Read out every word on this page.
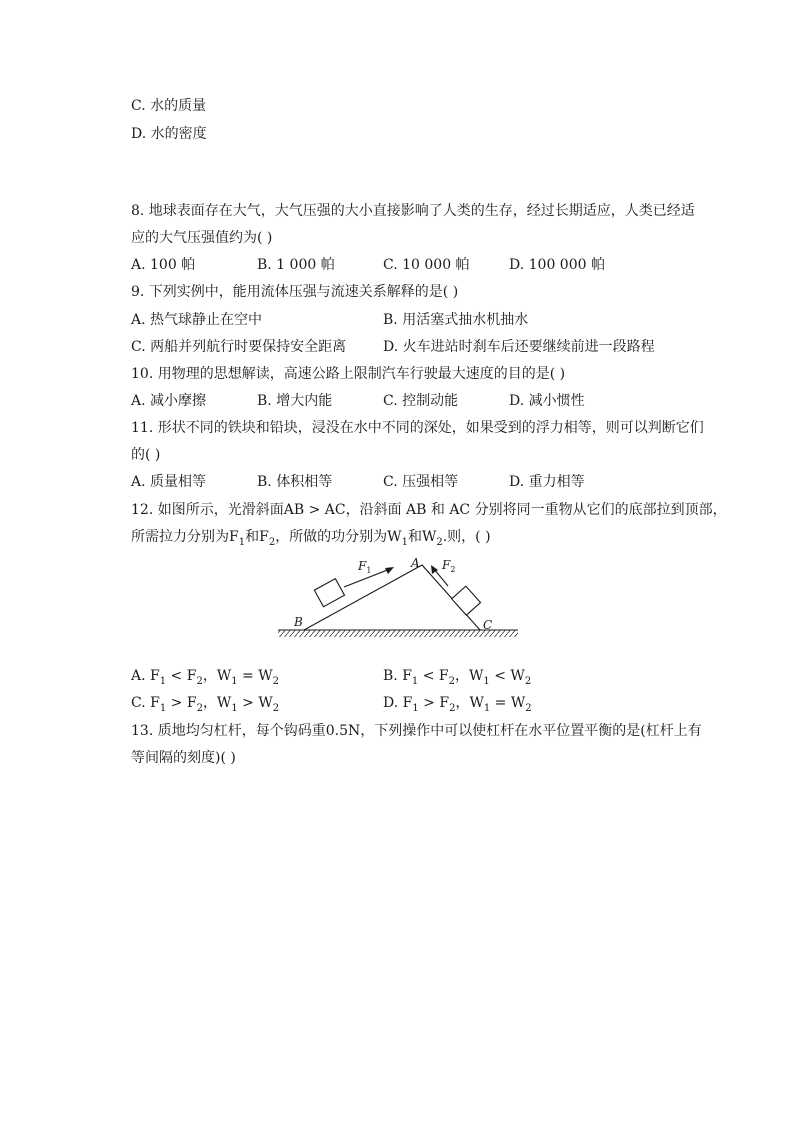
C. 水的质量
D. 水的密度
8. 地球表面存在大气，大气压强的大小直接影响了人类的生存，经过长期适应，人类已经适
应的大气压强值约为( )
A. 100 帕	B. 1 000 帕	C. 10 000 帕	D. 100 000 帕
9. 下列实例中，能用流体压强与流速关系解释的是( )
A. 热气球静止在空中	B. 用活塞式抽水机抽水
C. 两船并列航行时要保持安全距离	D. 火车进站时刹车后还要继续前进一段路程
10. 用物理的思想解读，高速公路上限制汽车行驶最大速度的目的是( )
A. 减小摩擦	B. 增大内能	C. 控制动能	D. 减小惯性
11. 形状不同的铁块和铅块，浸没在水中不同的深处，如果受到的浮力相等，则可以判断它们
的( )
A. 质量相等	B. 体积相等	C. 压强相等	D. 重力相等
12. 如图所示，光滑斜面AB > AC，沿斜面 AB 和 AC 分别将同一重物从它们的底部拉到顶部，
所需拉力分别为$F_1$和$F_2$，所做的功分别为$W_1$和$W_2$.则，( )
A
B	C
$F_1$	$F_2$
A. $F_1 < F_2$，$W_1 = W_2$	B. $F_1 < F_2$，$W_1 < W_2$
C. $F_1 > F_2$，$W_1 > W_2$	D. $F_1 > F_2$，$W_1 = W_2$
13. 质地均匀杠杆，每个钩码重0.5N，下列操作中可以使杠杆在水平位置平衡的是(杠杆上有
等间隔的刻度)( )
